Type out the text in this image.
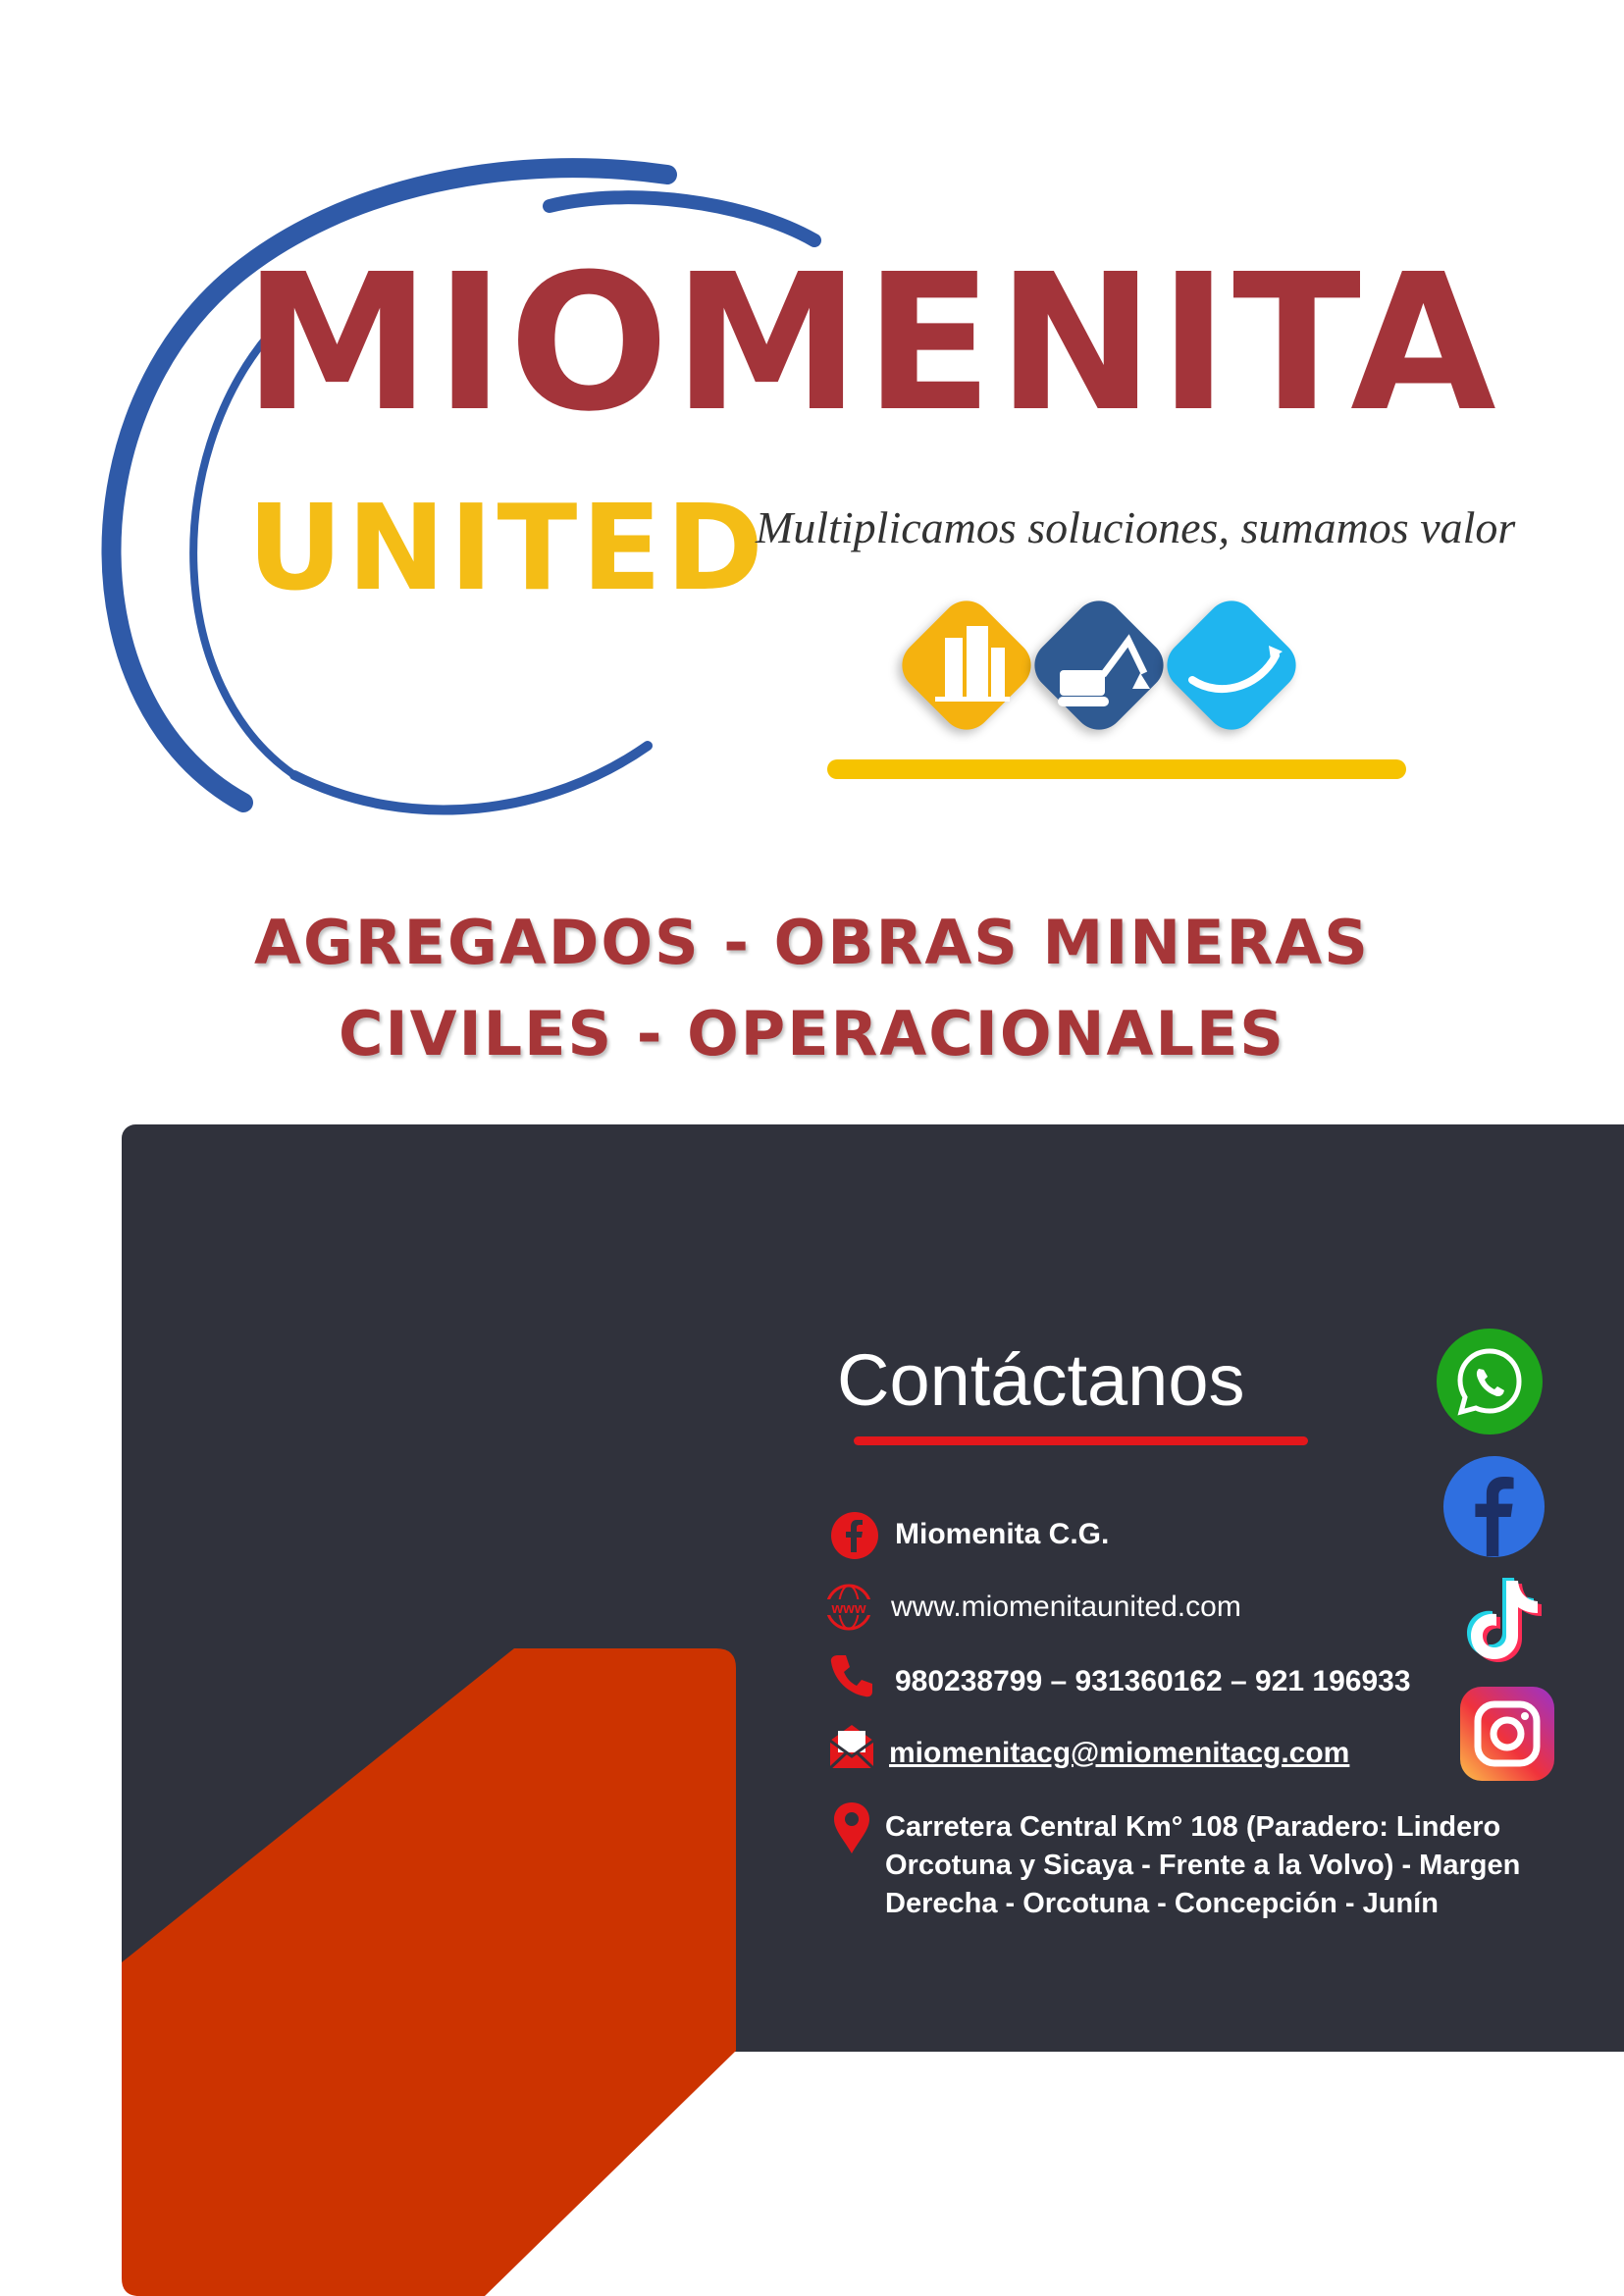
MIOMENITA
UNITED
Multiplicamos soluciones, sumamos valor
AGREGADOS - OBRAS MINERAS
CIVILES - OPERACIONALES
Contáctanos
Miomenita C.G.
www www.miomenitaunited.com
980238799 – 931360162 – 921 196933
miomenitacg@miomenitacg.com
Carretera Central Km° 108 (Paradero: Lindero
Orcotuna y Sicaya - Frente a la Volvo) - Margen
Derecha - Orcotuna - Concepción - Junín
